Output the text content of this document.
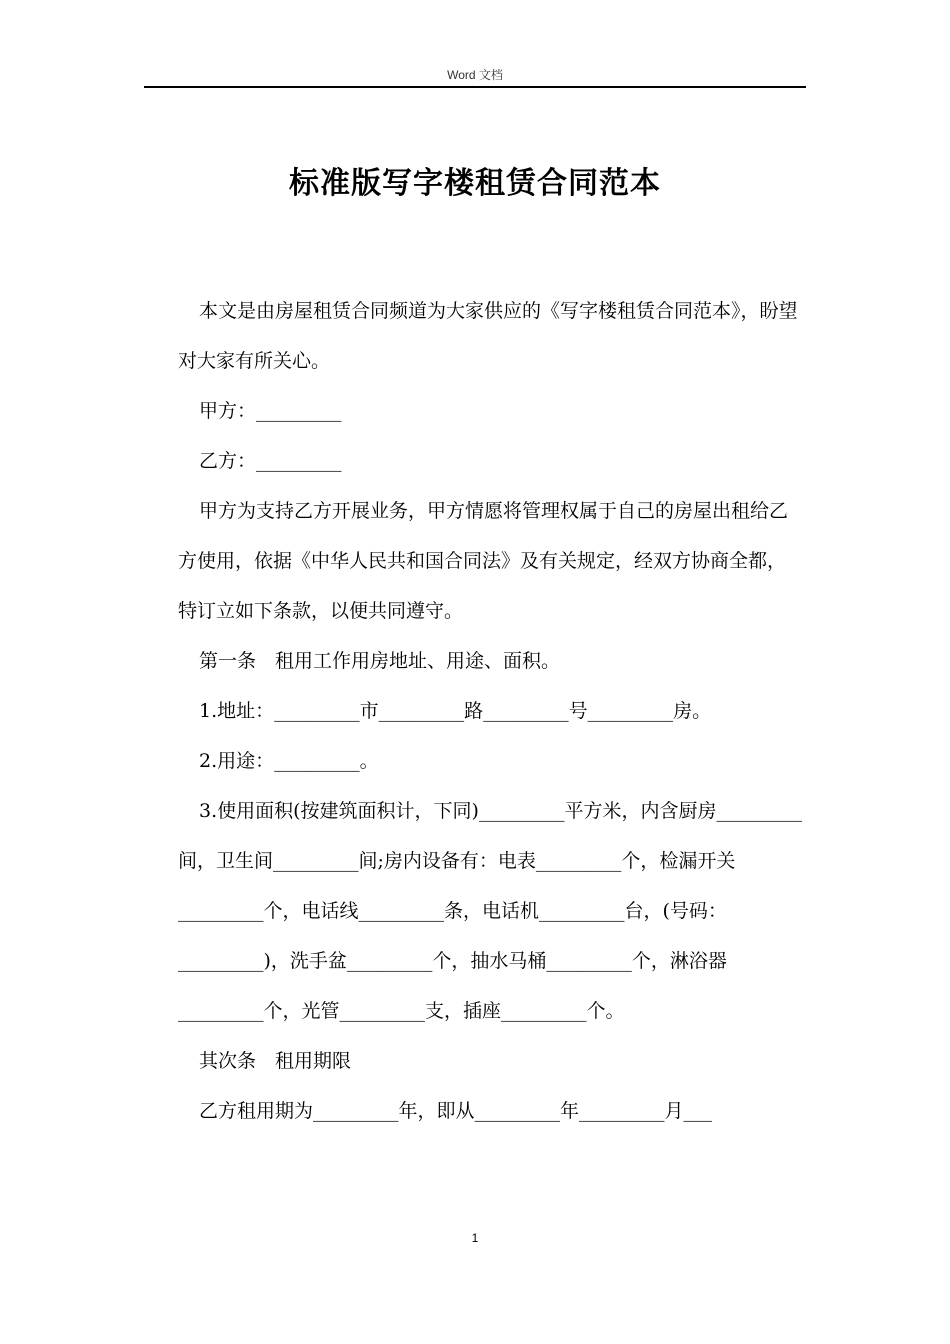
Word 文档
标准版写字楼租赁合同范本

本文是由房屋租赁合同频道为大家供应的《写字楼租赁合同范本》，盼望对大家有所关心。

甲方：_________

乙方：_________

甲方为支持乙方开展业务，甲方情愿将管理权属于自己的房屋出租给乙方使用，依据《中华人民共和国合同法》及有关规定，经双方协商全都，特订立如下条款，以便共同遵守。

第一条　租用工作用房地址、用途、面积。

1.地址：_________市_________路_________号_________房。

2.用途：_________。

3.使用面积(按建筑面积计，下同)_________平方米，内含厨房_________间，卫生间_________间;房内设备有：电表_________个，检漏开关_________个，电话线_________条，电话机_________台，(号码：_________)，洗手盆_________个，抽水马桶_________个，淋浴器_________个，光管_________支，插座_________个。

其次条　租用期限

乙方租用期为_________年，即从_________年_________月___

1
